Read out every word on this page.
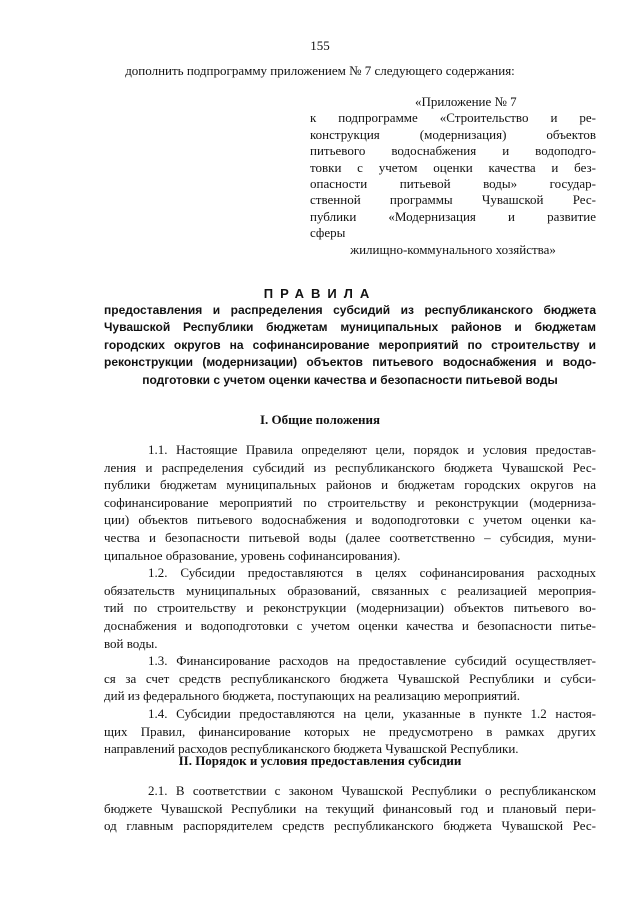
155
дополнить подпрограмму приложением № 7 следующего содержания:
«Приложение № 7
к подпрограмме «Строительство и ре-
конструкция (модернизация) объектов
питьевого водоснабжения и водоподго-
товки с учетом оценки качества и без-
опасности питьевой воды» государ-
ственной программы Чувашской Рес-
публики «Модернизация и развитие
сферы
жилищно-коммунального хозяйства»
ПРАВИЛА
предоставления и распределения субсидий из республиканского бюджета
Чувашской Республики бюджетам муниципальных районов и бюджетам
городских округов на софинансирование мероприятий по строительству и
реконструкции (модернизации) объектов питьевого водоснабжения и водо-
подготовки с учетом оценки качества и безопасности питьевой воды
I. Общие положения
1.1. Настоящие Правила определяют цели, порядок и условия предостав-
ления и распределения субсидий из республиканского бюджета Чувашской Рес-
публики бюджетам муниципальных районов и бюджетам городских округов на
софинансирование мероприятий по строительству и реконструкции (модерниза-
ции) объектов питьевого водоснабжения и водоподготовки с учетом оценки ка-
чества и безопасности питьевой воды (далее соответственно – субсидия, муни-
ципальное образование, уровень софинансирования).
1.2. Субсидии предоставляются в целях софинансирования расходных
обязательств муниципальных образований, связанных с реализацией мероприя-
тий по строительству и реконструкции (модернизации) объектов питьевого во-
доснабжения и водоподготовки с учетом оценки качества и безопасности питье-
вой воды.
1.3. Финансирование расходов на предоставление субсидий осуществляет-
ся за счет средств республиканского бюджета Чувашской Республики и субси-
дий из федерального бюджета, поступающих на реализацию мероприятий.
1.4. Субсидии предоставляются на цели, указанные в пункте 1.2 настоя-
щих Правил, финансирование которых не предусмотрено в рамках других
направлений расходов республиканского бюджета Чувашской Республики.
II. Порядок и условия предоставления субсидии
2.1. В соответствии с законом Чувашской Республики о республиканском
бюджете Чувашской Республики на текущий финансовый год и плановый пери-
од главным распорядителем средств республиканского бюджета Чувашской Рес-
